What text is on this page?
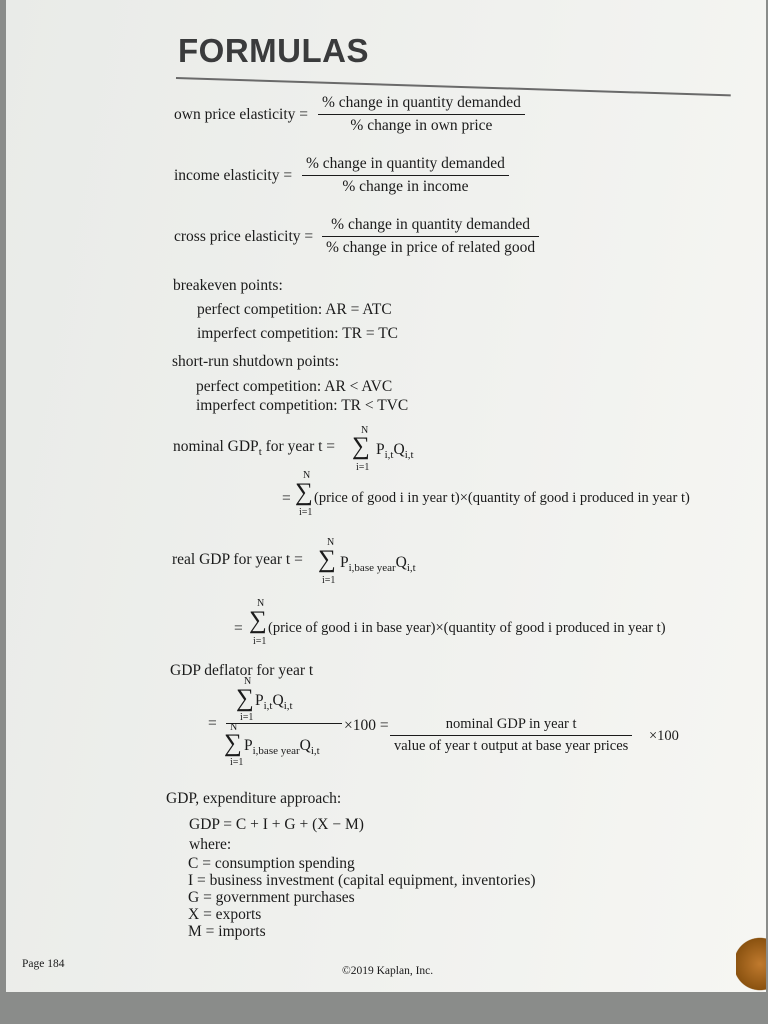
FORMULAS
own price elasticity =
% change in quantity demanded
% change in own price
income elasticity =
% change in quantity demanded
% change in income
cross price elasticity =
% change in quantity demanded
% change in price of related good
breakeven points:
perfect competition: AR = ATC
imperfect competition: TR = TC
short-run shutdown points:
perfect competition: AR < AVC
imperfect competition: TR < TVC
nominal $GDP_t$ for year t =
N
∑
i=1
$P_{i,t}Q_{i,t}$
=
N
∑
i=1
(price of good i in year t)×(quantity of good i produced in year t)
real GDP for year t =
N
∑
i=1
$P_{i,base year}Q_{i,t}$
=
N
∑
i=1
(price of good i in base year)×(quantity of good i produced in year t)
GDP deflator for year t
=
N
∑
i=1
$P_{i,t}Q_{i,t}$
N
∑
i=1
$P_{i,base year}Q_{i,t}$
×100 =	nominal GDP in year t
value of year t output at base year prices
×100
GDP, expenditure approach:
GDP = C + I + G + (X − M)
where:
C = consumption spending
I = business investment (capital equipment, inventories)
G = government purchases
X = exports
M = imports
Page 184
©2019 Kaplan, Inc.
